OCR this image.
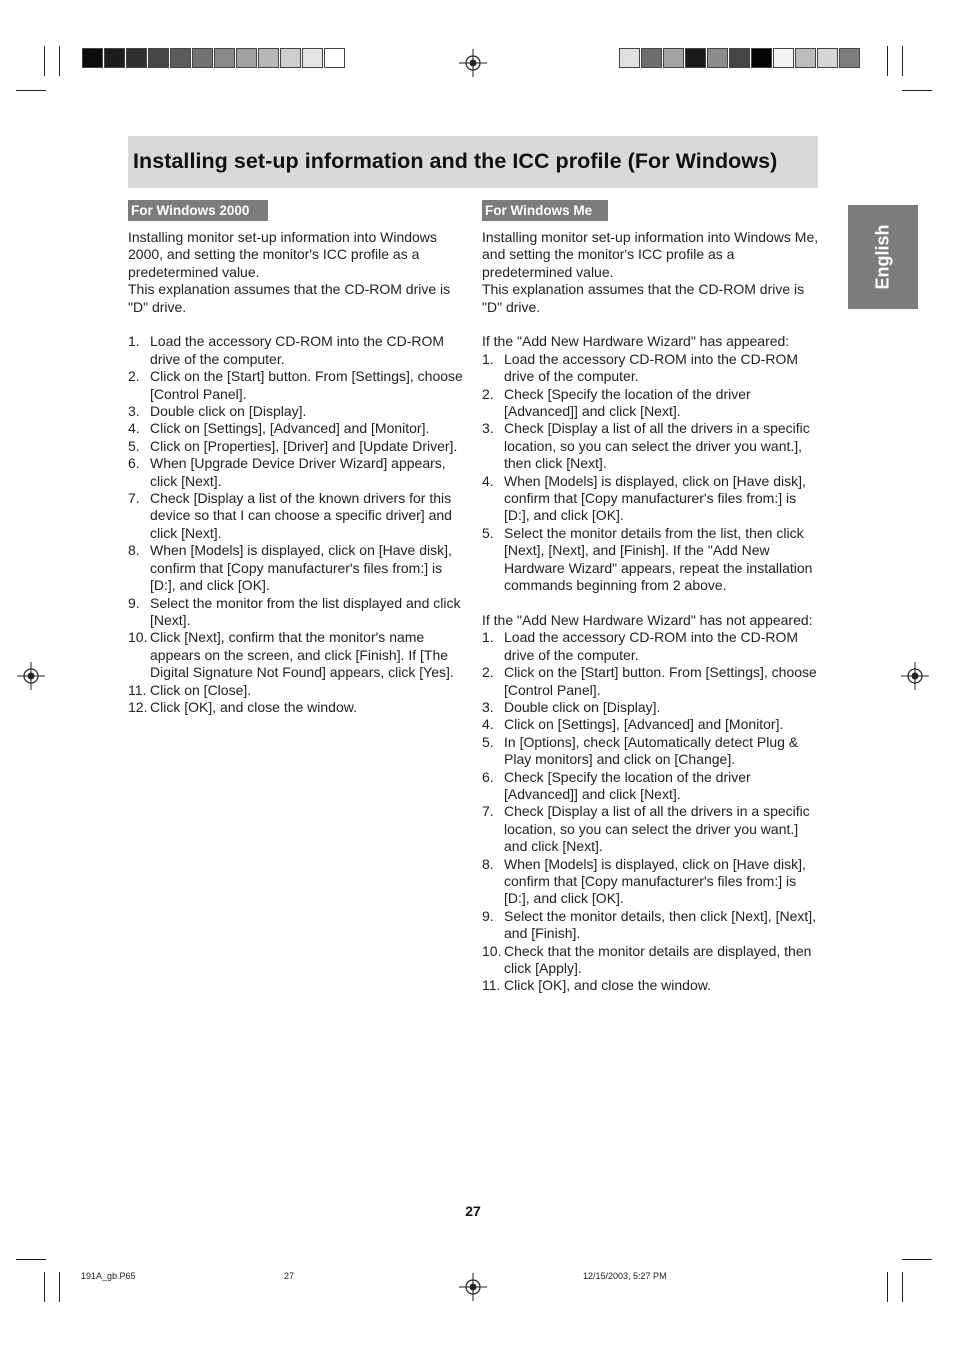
Installing set-up information and the ICC profile (For Windows)
English
For Windows 2000

Installing monitor set-up information into Windows 2000, and setting the monitor's ICC profile as a predetermined value.

This explanation assumes that the CD-ROM drive is "D" drive.

1. Load the accessory CD-ROM into the CD-ROM drive of the computer.
2. Click on the [Start] button. From [Settings], choose [Control Panel].
3. Double click on [Display].
4. Click on [Settings], [Advanced] and [Monitor].
5. Click on [Properties], [Driver] and [Update Driver].
6. When [Upgrade Device Driver Wizard] appears, click [Next].
7. Check [Display a list of the known drivers for this device so that I can choose a specific driver] and click [Next].
8. When [Models] is displayed, click on [Have disk], confirm that [Copy manufacturer's files from:] is [D:], and click [OK].
9. Select the monitor from the list displayed and click [Next].
10. Click [Next], confirm that the monitor's name appears on the screen, and click [Finish]. If [The Digital Signature Not Found] appears, click [Yes].
11. Click on [Close].
12. Click [OK], and close the window.
For Windows Me

Installing monitor set-up information into Windows Me, and setting the monitor's ICC profile as a predetermined value.

This explanation assumes that the CD-ROM drive is "D" drive.

If the "Add New Hardware Wizard" has appeared:

1. Load the accessory CD-ROM into the CD-ROM drive of the computer.
2. Check [Specify the location of the driver [Advanced]] and click [Next].
3. Check [Display a list of all the drivers in a specific location, so you can select the driver you want.], then click [Next].
4. When [Models] is displayed, click on [Have disk], confirm that [Copy manufacturer's files from:] is [D:], and click [OK].
5. Select the monitor details from the list, then click [Next], [Next], and [Finish]. If the "Add New Hardware Wizard" appears, repeat the installation commands beginning from 2 above.

If the "Add New Hardware Wizard" has not appeared:

1. Load the accessory CD-ROM into the CD-ROM drive of the computer.
2. Click on the [Start] button. From [Settings], choose [Control Panel].
3. Double click on [Display].
4. Click on [Settings], [Advanced] and [Monitor].
5. In [Options], check [Automatically detect Plug & Play monitors] and click on [Change].
6. Check [Specify the location of the driver [Advanced]] and click [Next].
7. Check [Display a list of all the drivers in a specific location, so you can select the driver you want.] and click [Next].
8. When [Models] is displayed, click on [Have disk], confirm that [Copy manufacturer's files from:] is [D:], and click [OK].
9. Select the monitor details, then click [Next], [Next], and [Finish].
10. Check that the monitor details are displayed, then click [Apply].
11. Click [OK], and close the window.
27
191A_gb.P65	27	12/15/2003, 5:27 PM
